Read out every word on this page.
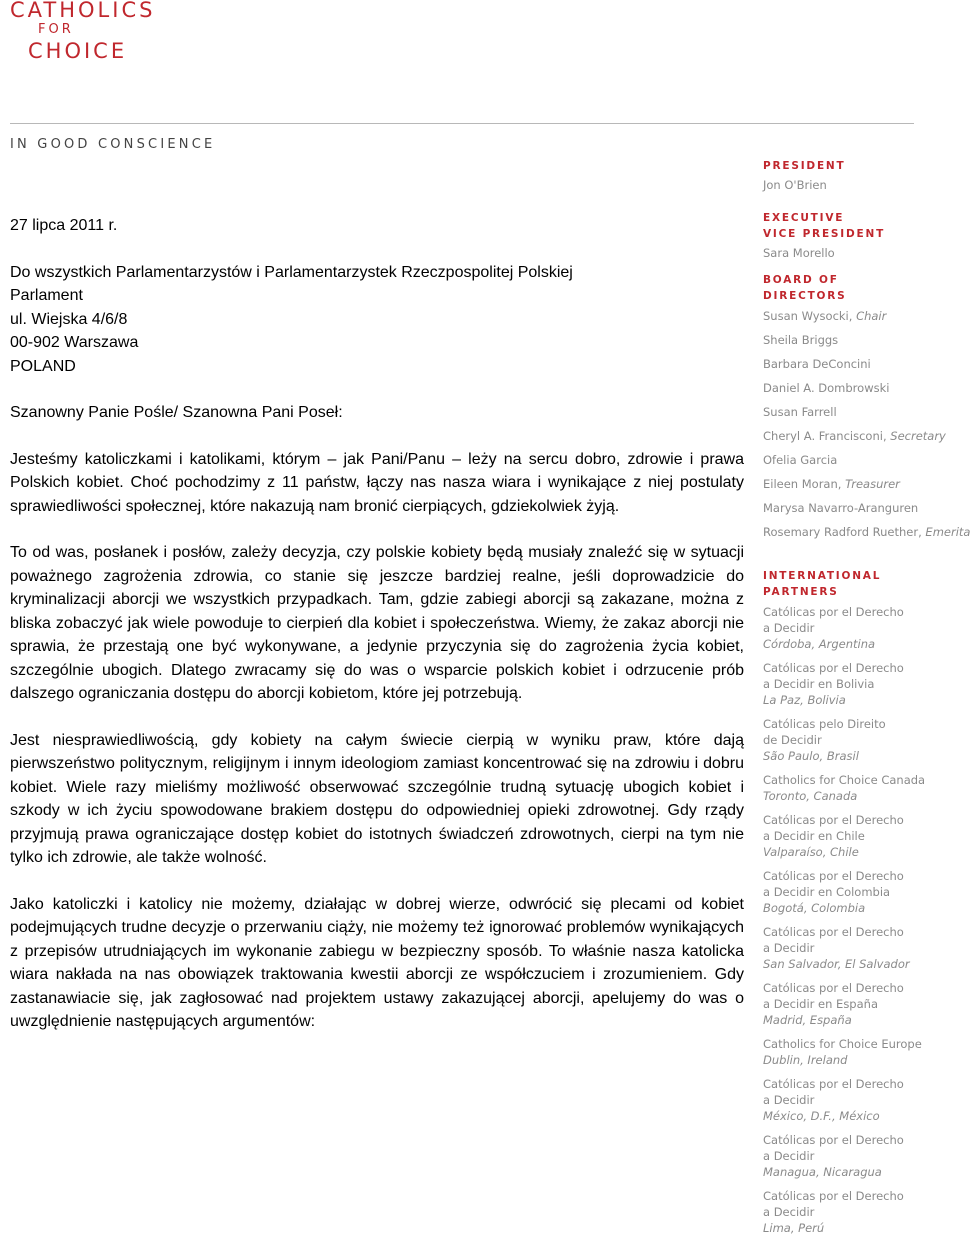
CATHOLICS
FOR
CHOICE
IN GOOD CONSCIENCE

27 lipca 2011 r.

Do wszystkich Parlamentarzystów i Parlamentarzystek Rzeczpospolitej Polskiej

Parlament

ul. Wiejska 4/6/8

00-902 Warszawa

POLAND

Szanowny Panie Pośle/ Szanowna Pani Poseł:

Jesteśmy katoliczkami i katolikami, którym – jak Pani/Panu – leży na sercu dobro, zdrowie i prawa Polskich kobiet. Choć pochodzimy z 11 państw, łączy nas nasza wiara i wynikające z niej postulaty sprawiedliwości społecznej, które nakazują nam bronić cierpiących, gdziekolwiek żyją.

To od was, posłanek i posłów, zależy decyzja, czy polskie kobiety będą musiały znaleźć się w sytuacji poważnego zagrożenia zdrowia, co stanie się jeszcze bardziej realne, jeśli doprowadzicie do kryminalizacji aborcji we wszystkich przypadkach. Tam, gdzie zabiegi aborcji są zakazane, można z bliska zobaczyć jak wiele powoduje to cierpień dla kobiet i społeczeństwa. Wiemy, że zakaz aborcji nie sprawia, że przestają one być wykonywane, a jedynie przyczynia się do zagrożenia życia kobiet, szczególnie ubogich. Dlatego zwracamy się do was o wsparcie polskich kobiet i odrzucenie prób dalszego ograniczania dostępu do aborcji kobietom, które jej potrzebują.

Jest niesprawiedliwością, gdy kobiety na całym świecie cierpią w wyniku praw, które dają pierwszeństwo politycznym, religijnym i innym ideologiom zamiast koncentrować się na zdrowiu i dobru kobiet. Wiele razy mieliśmy możliwość obserwować szczególnie trudną sytuację ubogich kobiet i szkody w ich życiu spowodowane brakiem dostępu do odpowiedniej opieki zdrowotnej. Gdy rządy przyjmują prawa ograniczające dostęp kobiet do istotnych świadczeń zdrowotnych, cierpi na tym nie tylko ich zdrowie, ale także wolność.

Jako katoliczki i katolicy nie możemy, działając w dobrej wierze, odwrócić się plecami od kobiet podejmujących trudne decyzje o przerwaniu ciąży, nie możemy też ignorować problemów wynikających z przepisów utrudniających im wykonanie zabiegu w bezpieczny sposób. To właśnie nasza katolicka wiara nakłada na nas obowiązek traktowania kwestii aborcji ze współczuciem i zrozumieniem. Gdy zastanawiacie się, jak zagłosować nad projektem ustawy zakazującej aborcji, apelujemy do was o uwzględnienie następujących argumentów:

PRESIDENT
Jon O'Brien
EXECUTIVE
VICE PRESIDENT
Sara Morello
BOARD OF
DIRECTORS
Susan Wysocki, Chair
Sheila Briggs
Barbara DeConcini
Daniel A. Dombrowski
Susan Farrell
Cheryl A. Francisconi, Secretary
Ofelia Garcia
Eileen Moran, Treasurer
Marysa Navarro-Aranguren
Rosemary Radford Ruether, Emerita
INTERNATIONAL
PARTNERS
Católicas por el Derecho
a Decidir
Córdoba, Argentina
Católicas por el Derecho
a Decidir en Bolivia
La Paz, Bolivia
Católicas pelo Direito
de Decidir
São Paulo, Brasil
Catholics for Choice Canada
Toronto, Canada
Católicas por el Derecho
a Decidir en Chile
Valparaíso, Chile
Católicas por el Derecho
a Decidir en Colombia
Bogotá, Colombia
Católicas por el Derecho
a Decidir
San Salvador, El Salvador
Católicas por el Derecho
a Decidir en España
Madrid, España
Catholics for Choice Europe
Dublin, Ireland
Católicas por el Derecho
a Decidir
México, D.F., México
Católicas por el Derecho
a Decidir
Managua, Nicaragua
Católicas por el Derecho
a Decidir
Lima, Perú
